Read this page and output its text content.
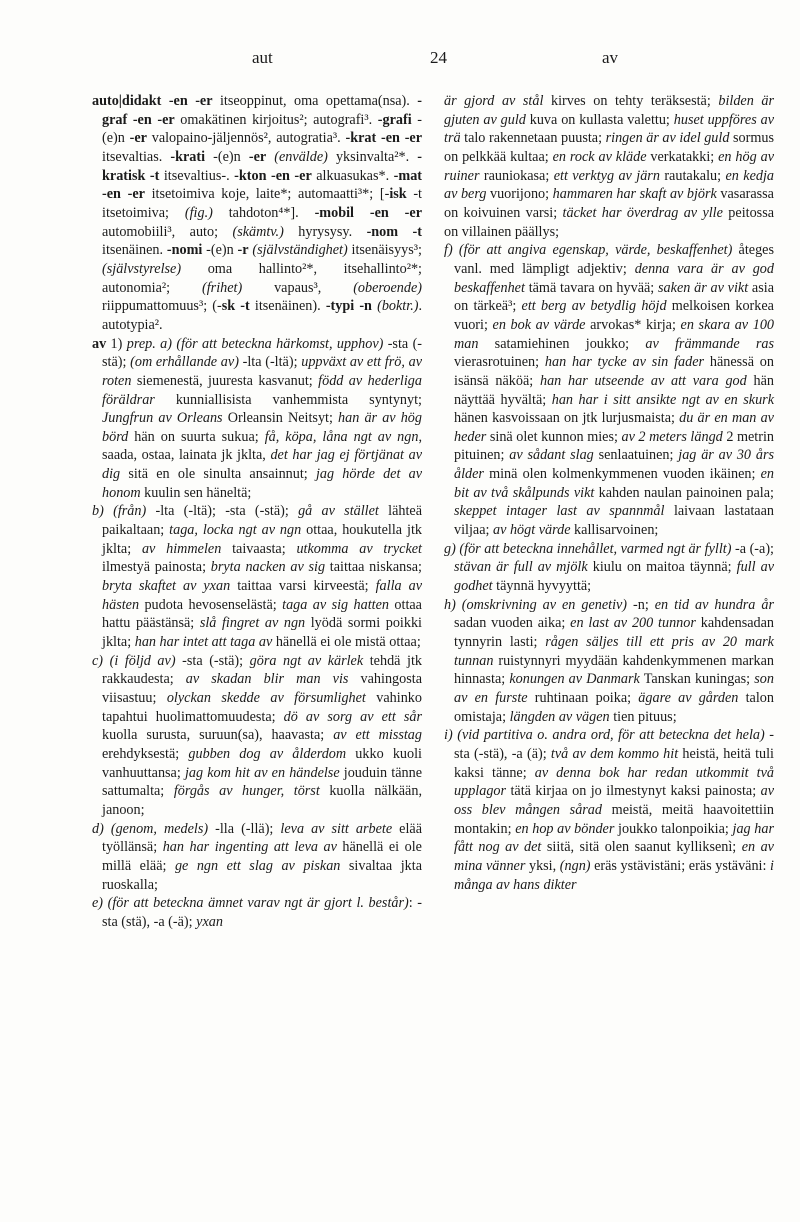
aut	24	av

auto|didakt -en -er itseoppinut, oma opettama(nsa). -graf -en -er omakätinen kirjoitus²; autografi³. -grafi -(e)n -er valopaino-jäljennös², autogratia³. -krat -en -er itsevaltias. -krati -(e)n -er (envälde) yksinvalta²*. -kratisk -t itsevaltius-. -kton -en -er alkuasukas*. -mat -en -er itsetoimiva koje, laite*; automaatti³*; [-isk -t itsetoimiva; (fig.) tahdoton⁴*]. -mobil -en -er automobiili³, auto; (skämtv.) hyrysysy. -nom -t itsenäinen. -nomi -(e)n -r (självständighet) itsenäisyys³; (självstyrelse) oma hallinto²*, itsehallinto²*; autonomia²; (frihet) vapaus³, (oberoende) riippumattomuus³; (-sk -t itsenäinen). -typi -n (boktr.). autotypia².

av 1) prep. a) (för att beteckna härkomst, upphov) -sta (-stä); (om erhållande av) -lta (-ltä); uppväxt av ett frö, av roten siemenestä, juuresta kasvanut; född av hederliga föräldrar kunniallisista vanhemmista syntynyt; Jungfrun av Orleans Orleansin Neitsyt; han är av hög börd hän on suurta sukua; få, köpa, låna ngt av ngn, saada, ostaa, lainata jk jklta, det har jag ej förtjänat av dig sitä en ole sinulta ansainnut; jag hörde det av honom kuulin sen häneltä;

b) (från) -lta (-ltä); -sta (-stä); gå av stället lähteä paikaltaan; taga, locka ngt av ngn ottaa, houkutella jtk jklta; av himmelen taivaasta; utkomma av trycket ilmestyä painosta; bryta nacken av sig taittaa niskansa; bryta skaftet av yxan taittaa varsi kirveestä; falla av hästen pudota hevosenselästä; taga av sig hatten ottaa hattu päästänsä; slå fingret av ngn lyödä sormi poikki jklta; han har intet att taga av hänellä ei ole mistä ottaa;

c) (i följd av) -sta (-stä); göra ngt av kärlek tehdä jtk rakkaudesta; av skadan blir man vis vahingosta viisastuu; olyckan skedde av försumlighet vahinko tapahtui huolimattomuudesta; dö av sorg av ett sår kuolla surusta, suruun(sa), haavasta; av ett misstag erehdyksestä; gubben dog av ålderdom ukko kuoli vanhuuttansa; jag kom hit av en händelse jouduin tänne sattumalta; förgås av hunger, törst kuolla nälkään, janoon;

d) (genom, medels) -lla (-llä); leva av sitt arbete elää työllänsä; han har ingenting att leva av hänellä ei ole millä elää; ge ngn ett slag av piskan sivaltaa jkta ruoskalla;

e) (för att beteckna ämnet varav ngt är gjort l. består): -sta (stä), -a (-ä); yxan

är gjord av stål kirves on tehty teräksestä; bilden är gjuten av guld kuva on kullasta valettu; huset uppföres av trä talo rakennetaan puusta; ringen är av idel guld sormus on pelkkää kultaa; en rock av kläde verkatakki; en hög av ruiner rauniokasa; ett verktyg av järn rautakalu; en kedja av berg vuorijono; hammaren har skaft av björk vasarassa on koivuinen varsi; täcket har överdrag av ylle peitossa on villainen päällys;

f) (för att angiva egenskap, värde, beskaffenhet) åteges vanl. med lämpligt adjektiv; denna vara är av god beskaffenhet tämä tavara on hyvää; saken är av vikt asia on tärkeä³; ett berg av betydlig höjd melkoisen korkea vuori; en bok av värde arvokas* kirja; en skara av 100 man satamiehinen joukko; av främmande ras vierasrotuinen; han har tycke av sin fader hänessä on isänsä näköä; han har utseende av att vara god hän näyttää hyvältä; han har i sitt ansikte ngt av en skurk hänen kasvoissaan on jtk lurjusmaista; du är en man av heder sinä olet kunnon mies; av 2 meters längd 2 metrin pituinen; av sådant slag senlaatuinen; jag är av 30 års ålder minä olen kolmenkymmenen vuoden ikäinen; en bit av två skålpunds vikt kahden naulan painoinen pala; skeppet intager last av spannmål laivaan lastataan viljaa; av högt värde kallisarvoinen;

g) (för att beteckna innehållet, varmed ngt är fyllt) -a (-a); stävan är full av mjölk kiulu on maitoa täynnä; full av godhet täynnä hyvyyttä;

h) (omskrivning av en genetiv) -n; en tid av hundra år sadan vuoden aika; en last av 200 tunnor kahdensadan tynnyrin lasti; rågen säljes till ett pris av 20 mark tunnan ruistynnyri myydään kahdenkymmenen markan hinnasta; konungen av Danmark Tanskan kuningas; son av en furste ruhtinaan poika; ägare av gården talon omistaja; längden av vägen tien pituus;

i) (vid partitiva o. andra ord, för att beteckna det hela) -sta (-stä), -a (ä); två av dem kommo hit heistä, heitä tuli kaksi tänne; av denna bok har redan utkommit två upplagor tätä kirjaa on jo ilmestynyt kaksi painosta; av oss blev mången sårad meistä, meitä haavoitettiin montakin; en hop av bönder joukko talonpoikia; jag har fått nog av det siitä, sitä olen saanut kylliksenì; en av mina vänner yksi, (ngn) eräs ystävistäni; eräs ystäväni: i många av hans dikter
